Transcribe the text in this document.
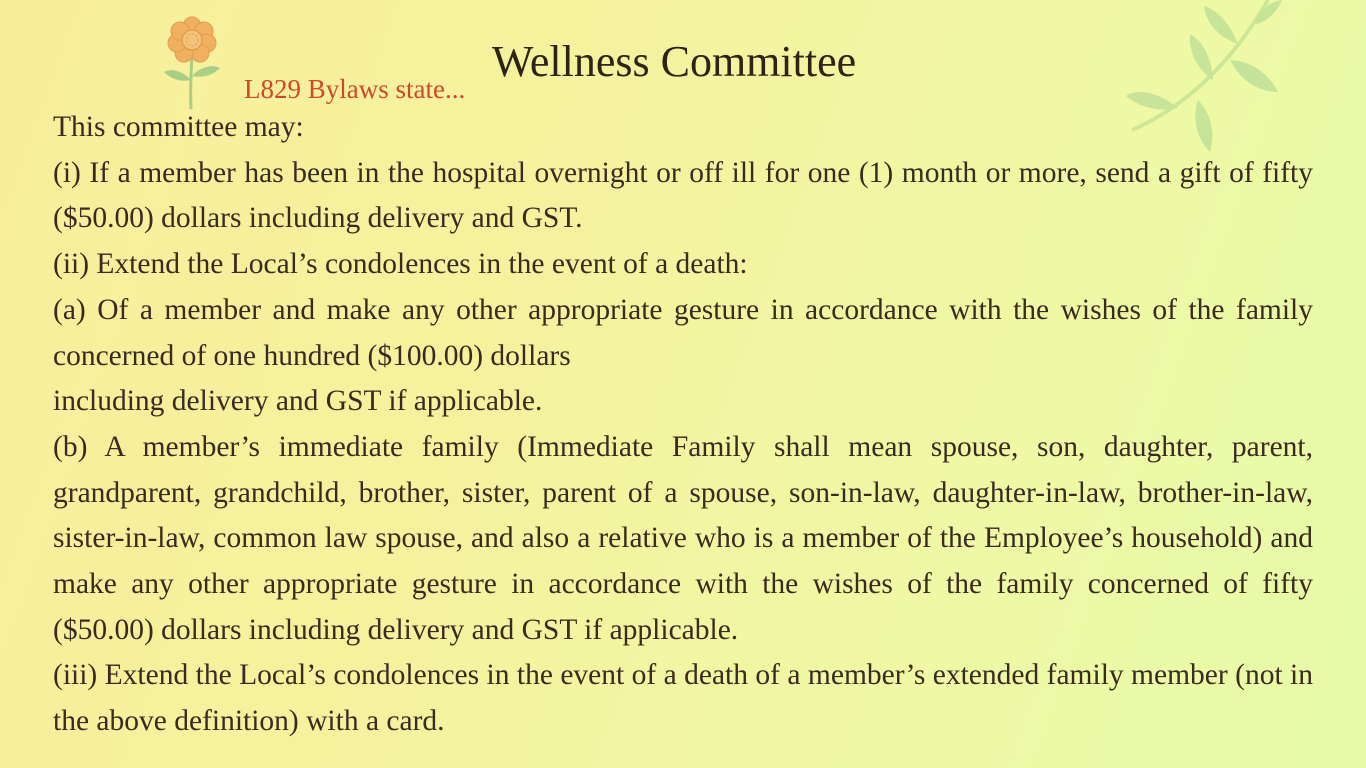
Wellness Committee
L829 Bylaws state...

This committee may:

(i) If a member has been in the hospital overnight or off ill for one (1) month or more, send a gift of fifty ($50.00) dollars including delivery and GST.

(ii) Extend the Local’s condolences in the event of a death:

(a) Of a member and make any other appropriate gesture in accordance with the wishes of the family concerned of one hundred ($100.00) dollars

including delivery and GST if applicable.

(b) A member’s immediate family (Immediate Family shall mean spouse, son, daughter, parent, grandparent, grandchild, brother, sister, parent of a spouse, son-in-law, daughter-in-law, brother-in-law, sister-in-law, common law spouse, and also a relative who is a member of the Employee’s household) and make any other appropriate gesture in accordance with the wishes of the family concerned of fifty ($50.00) dollars including delivery and GST if applicable.

(iii) Extend the Local’s condolences in the event of a death of a member’s extended family member (not in the above definition) with a card.
